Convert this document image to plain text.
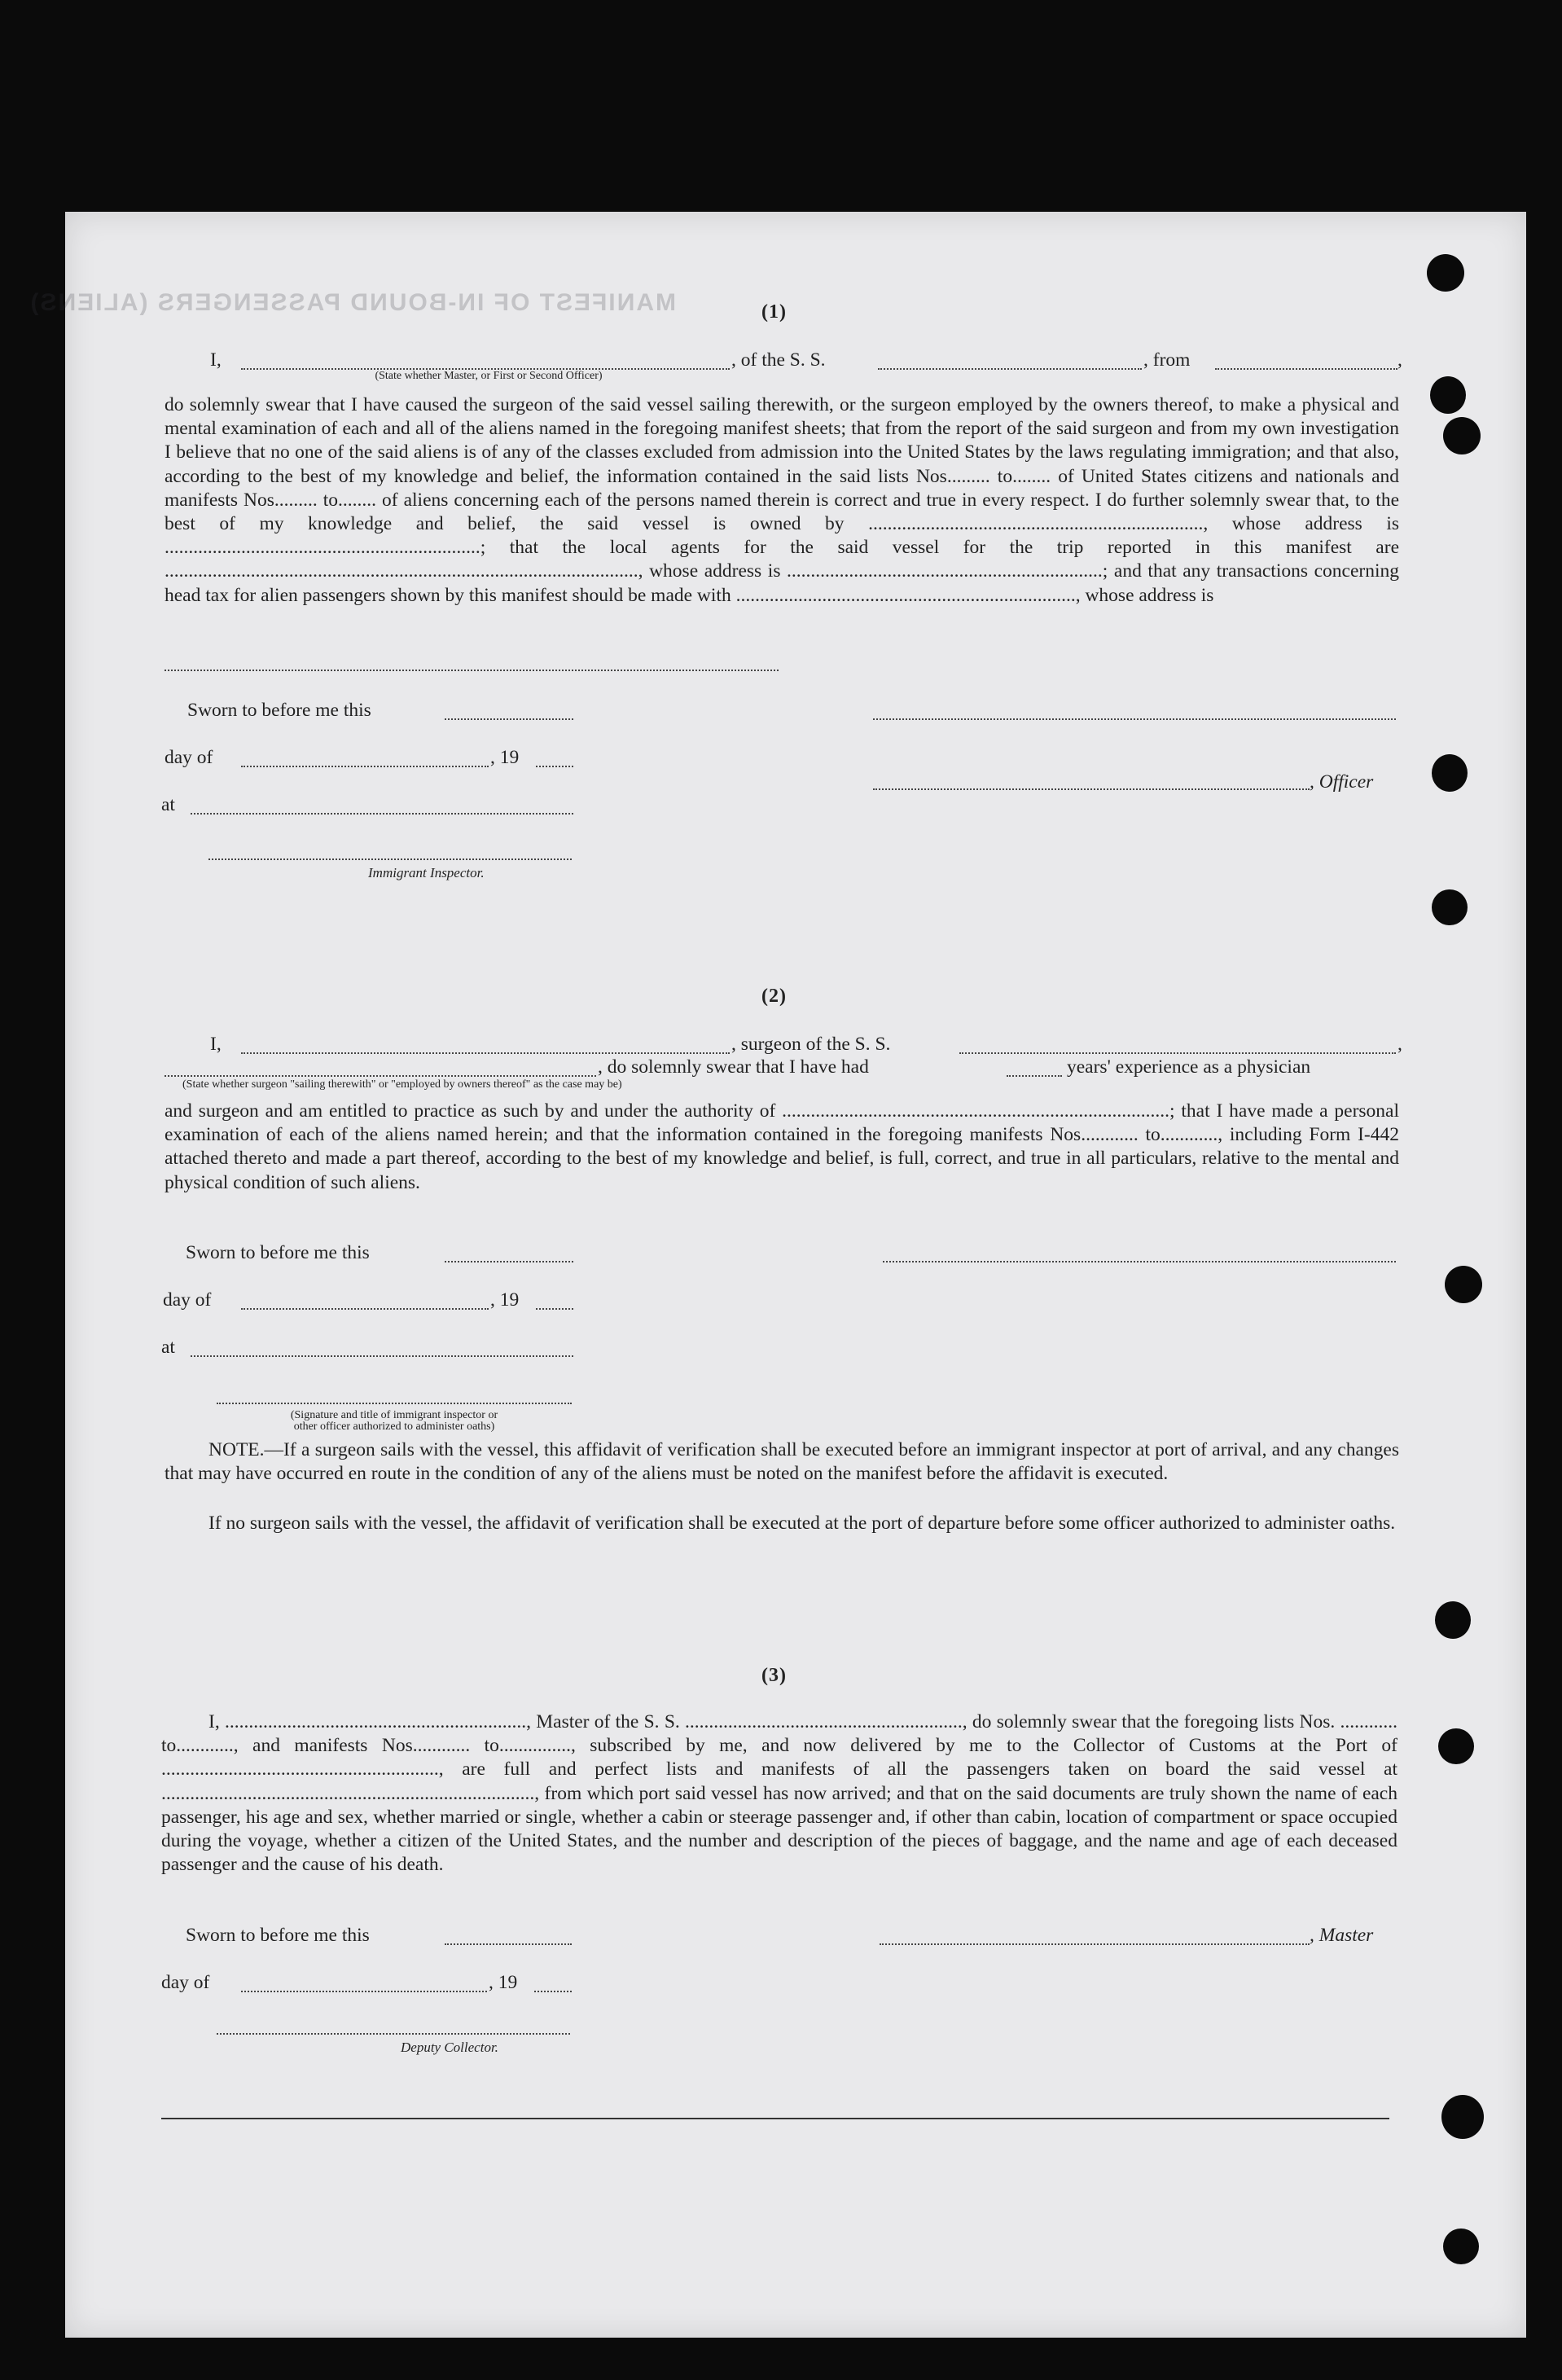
MANIFEST OF IN-BOUND PASSENGERS (ALIENS)	(1)
I,	, of the S. S.	, from	,
(State whether Master, or First or Second Officer)
do solemnly swear that I have caused the surgeon of the said vessel sailing therewith, or the surgeon employed by the owners thereof, to make a physical and mental examination of each and all of the aliens named in the foregoing manifest sheets; that from the report of the said surgeon and from my own investigation I believe that no one of the said aliens is of any of the classes excluded from admission into the United States by the laws regulating immigration; and that also, according to the best of my knowledge and belief, the information contained in the said lists Nos......... to........ of United States citizens and nationals and manifests Nos......... to........ of aliens concerning each of the persons named therein is correct and true in every respect. I do further solemnly swear that, to the best of my knowledge and belief, the said vessel is owned by ......................................................................, whose address is ..................................................................; that the local agents for the said vessel for the trip reported in this manifest are ..................................................................................................., whose address is ..................................................................; and that any transactions concerning head tax for alien passengers shown by this manifest should be made with ......................................................................., whose address is
Sworn to before me this
day of	, 19
, Officer
at
Immigrant Inspector.
(2)
I,	, surgeon of the S. S.	,
, do solemnly swear that I have had	years' experience as a physician
(State whether surgeon "sailing therewith" or "employed by owners thereof" as the case may be)
and surgeon and am entitled to practice as such by and under the authority of .................................................................................; that I have made a personal examination of each of the aliens named herein; and that the information contained in the foregoing manifests Nos............ to............, including Form I-442 attached thereto and made a part thereof, according to the best of my knowledge and belief, is full, correct, and true in all particulars, relative to the mental and physical condition of such aliens.
Sworn to before me this
day of	, 19
at
(Signature and title of immigrant inspector or
other officer authorized to administer oaths)
NOTE.—If a surgeon sails with the vessel, this affidavit of verification shall be executed before an immigrant inspector at port of arrival, and any changes that may have occurred en route in the condition of any of the aliens must be noted on the manifest before the affidavit is executed.
If no surgeon sails with the vessel, the affidavit of verification shall be executed at the port of departure before some officer authorized to administer oaths.
(3)
I, ..............................................................., Master of the S. S. .........................................................., do solemnly swear that the foregoing lists Nos. ............ to............, and manifests Nos............ to..............., subscribed by me, and now delivered by me to the Collector of Customs at the Port of .........................................................., are full and perfect lists and manifests of all the passengers taken on board the said vessel at .............................................................................., from which port said vessel has now arrived; and that on the said documents are truly shown the name of each passenger, his age and sex, whether married or single, whether a cabin or steerage passenger and, if other than cabin, location of compartment or space occupied during the voyage, whether a citizen of the United States, and the number and description of the pieces of baggage, and the name and age of each deceased passenger and the cause of his death.
Sworn to before me this	, Master
day of	, 19
Deputy Collector.
